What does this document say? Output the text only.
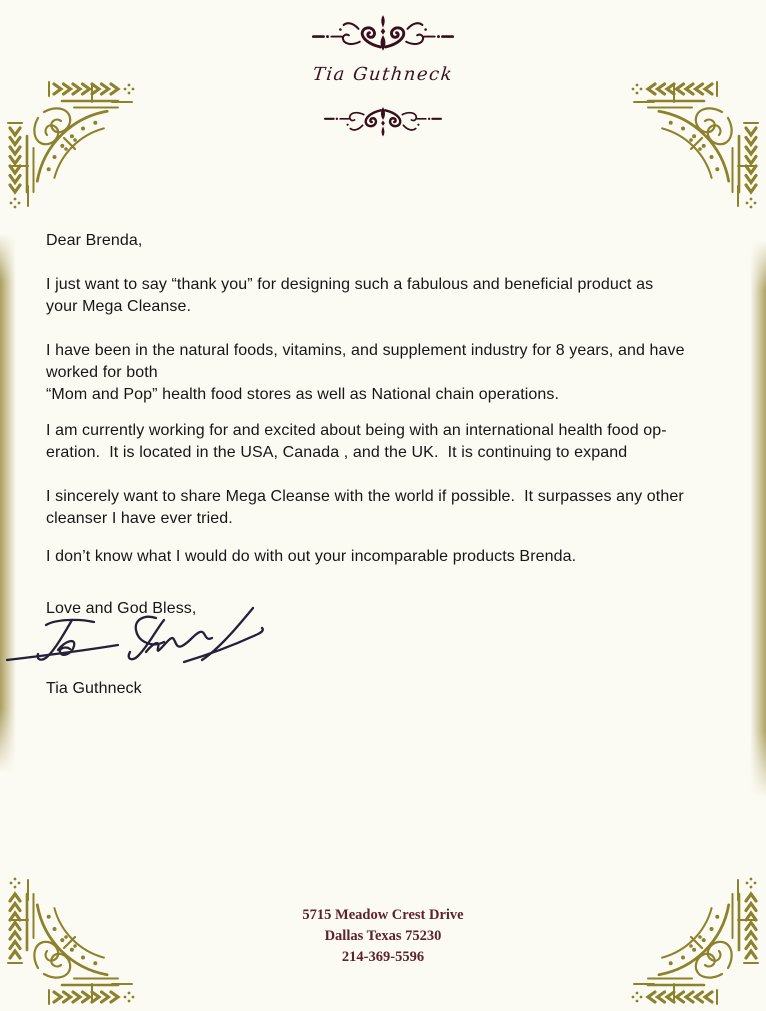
Tia Guthneck
Dear Brenda,
I just want to say “thank you” for designing such a fabulous and beneficial product as
your Mega Cleanse.
I have been in the natural foods, vitamins, and supplement industry for 8 years, and have
worked for both
“Mom and Pop” health food stores as well as National chain operations.
I am currently working for and excited about being with an international health food op-
eration.  It is located in the USA, Canada , and the UK.  It is continuing to expand
I sincerely want to share Mega Cleanse with the world if possible.  It surpasses any other
cleanser I have ever tried.
I don’t know what I would do with out your incomparable products Brenda.
Love and God Bless,
Tia Guthneck
5715 Meadow Crest Drive
Dallas Texas 75230
214-369-5596
